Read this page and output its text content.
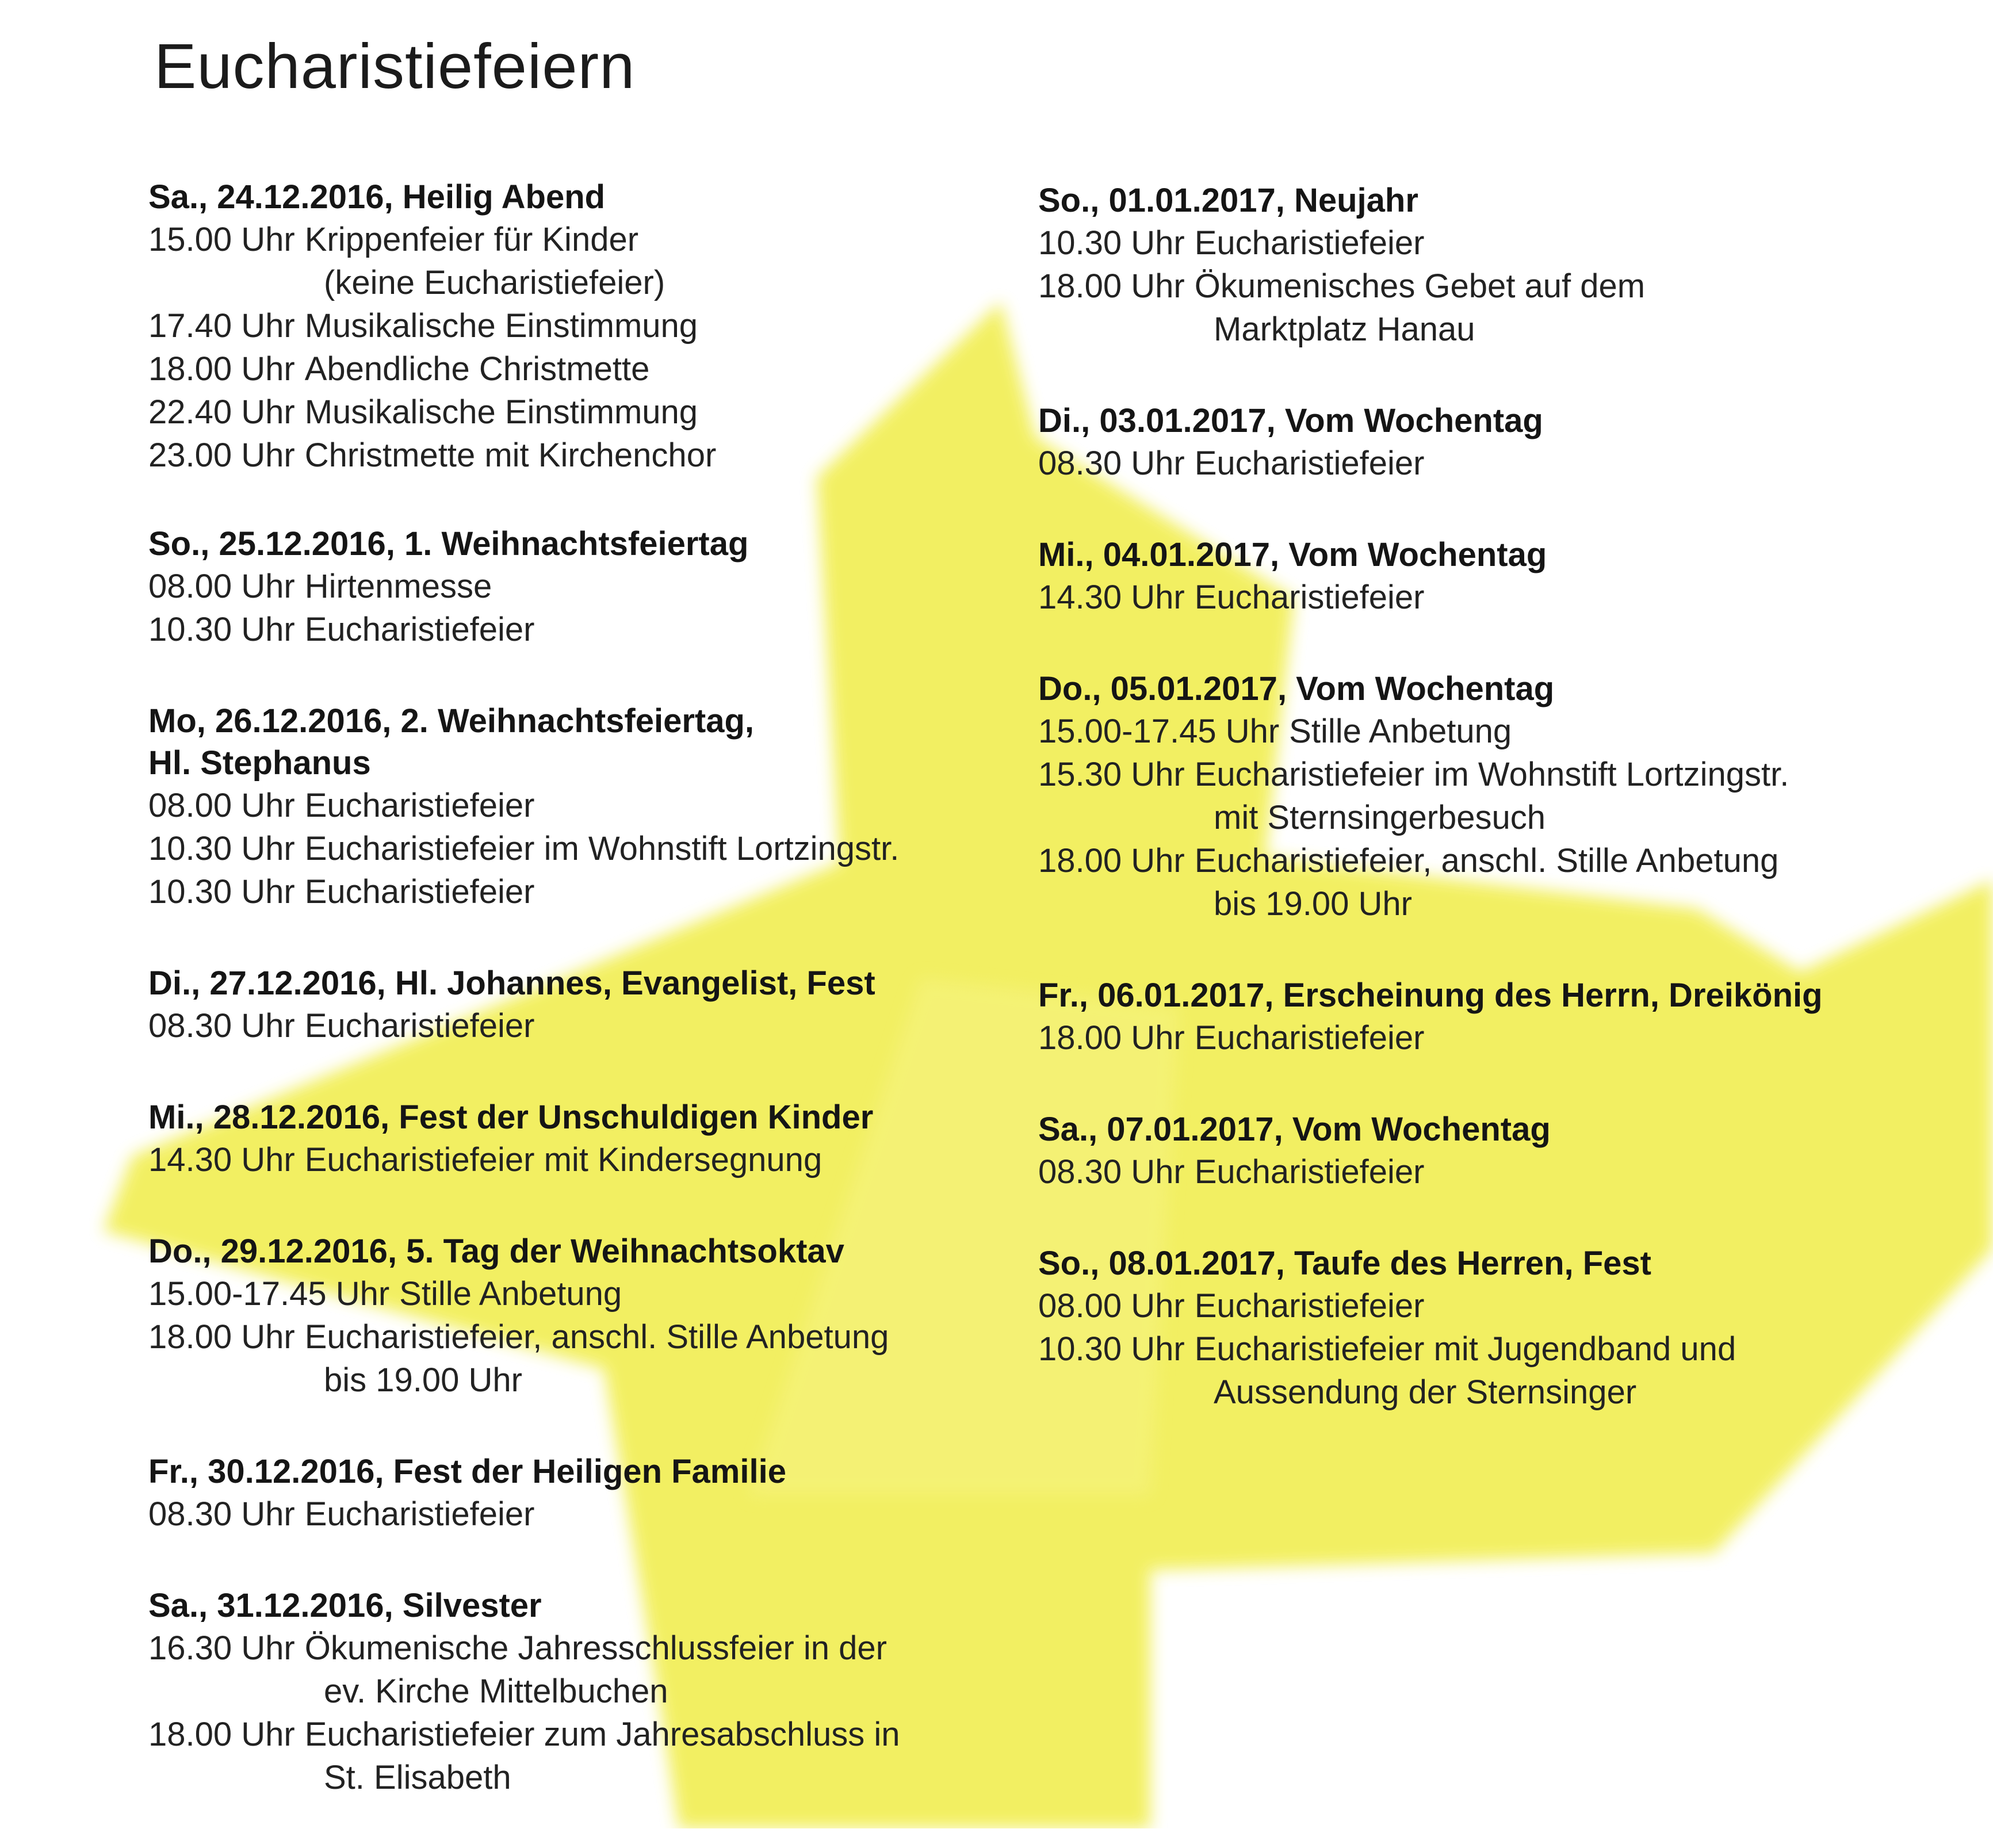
Eucharistiefeiern
Sa., 24.12.2016, Heilig Abend
15.00 Uhr Krippenfeier für Kinder
(keine Eucharistiefeier)
17.40 Uhr Musikalische Einstimmung
18.00 Uhr Abendliche Christmette
22.40 Uhr Musikalische Einstimmung
23.00 Uhr Christmette mit Kirchenchor
So., 25.12.2016, 1. Weihnachtsfeiertag
08.00 Uhr Hirtenmesse
10.30 Uhr Eucharistiefeier
Mo, 26.12.2016, 2. Weihnachtsfeiertag,
Hl. Stephanus
08.00 Uhr Eucharistiefeier
10.30 Uhr Eucharistiefeier im Wohnstift Lortzingstr.
10.30 Uhr Eucharistiefeier
Di., 27.12.2016, Hl. Johannes, Evangelist, Fest
08.30 Uhr Eucharistiefeier
Mi., 28.12.2016, Fest der Unschuldigen Kinder
14.30 Uhr Eucharistiefeier mit Kindersegnung
Do., 29.12.2016, 5. Tag der Weihnachtsoktav
15.00-17.45 Uhr Stille Anbetung
18.00 Uhr Eucharistiefeier, anschl. Stille Anbetung
bis 19.00 Uhr
Fr., 30.12.2016, Fest der Heiligen Familie
08.30 Uhr Eucharistiefeier
Sa., 31.12.2016, Silvester
16.30 Uhr Ökumenische Jahresschlussfeier in der
ev. Kirche Mittelbuchen
18.00 Uhr Eucharistiefeier zum Jahresabschluss in
St. Elisabeth
So., 01.01.2017, Neujahr
10.30 Uhr Eucharistiefeier
18.00 Uhr Ökumenisches Gebet auf dem
Marktplatz Hanau
Di., 03.01.2017, Vom Wochentag
08.30 Uhr Eucharistiefeier
Mi., 04.01.2017, Vom Wochentag
14.30 Uhr Eucharistiefeier
Do., 05.01.2017, Vom Wochentag
15.00-17.45 Uhr Stille Anbetung
15.30 Uhr Eucharistiefeier im Wohnstift Lortzingstr.
mit Sternsingerbesuch
18.00 Uhr Eucharistiefeier, anschl. Stille Anbetung
bis 19.00 Uhr
Fr., 06.01.2017, Erscheinung des Herrn, Dreikönig
18.00 Uhr Eucharistiefeier
Sa., 07.01.2017, Vom Wochentag
08.30 Uhr Eucharistiefeier
So., 08.01.2017, Taufe des Herren, Fest
08.00 Uhr Eucharistiefeier
10.30 Uhr Eucharistiefeier mit Jugendband und
Aussendung der Sternsinger
